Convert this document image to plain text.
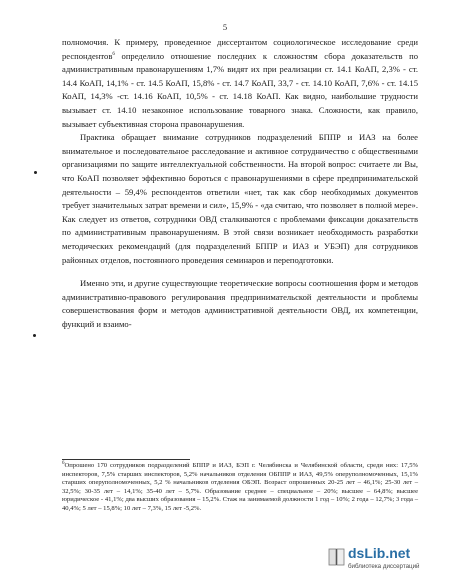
5

полномочия. К примеру, проведенное диссертантом социологическое исследование среди респондентов$^6$ определило отношение последних к сложностям сбора доказательств по административным правонарушениям 1,7% видят их при реализации ст. 14.1 КоАП, 2,3% - ст. 14.4 КоАП, 14,1% - ст. 14.5 КоАП, 15,8% - ст. 14.7 КоАП, 33,7 - ст. 14.10 КоАП, 7,6% - ст. 14.15 КоАП, 14,3% -ст. 14.16 КоАП, 10,5% - ст. 14.18 КоАП. Как видно, наибольшие трудности вызывает ст. 14.10 незаконное использование товарного знака. Сложности, как правило, вызывает субъективная сторона правонарушения.

Практика обращает внимание сотрудников подразделений БППР и ИАЗ на более внимательное и последовательное расследование и активное сотрудничество с общественными организациями по защите интеллектуальной собственности. На второй вопрос: считаете ли Вы, что КоАП позволяет эффективно бороться с правонарушениями в сфере предпринимательской деятельности – 59,4% респондентов ответили «нет, так как сбор необходимых документов требует значительных затрат времени и сил», 15,9% - «да считаю, что позволяет в полной мере». Как следует из ответов, сотрудники ОВД сталкиваются с проблемами фиксации доказательств по административным правонарушениям. В этой связи возникает необходимость разработки методических рекомендаций (для подразделений БППР и ИАЗ и УБЭП) для сотрудников районных отделов, постоянного проведения семинаров и переподготовки.

Именно эти, и другие существующие теоретические вопросы соотношения форм и методов административно-правового регулирования предпринимательской деятельности и проблемы совершенствования форм и методов административной деятельности ОВД, их компетенции, функций и взаимо-

$^6$Опрошено 170 сотрудников подразделений БППР и ИАЗ, БЭП г. Челябинска и Челябинской области, среди них: 17,5% инспекторов, 7,5% старших инспекторов, 5,2% начальников отделения ОБППР и ИАЗ, 49,5% оперуполномоченных, 15,1% старших оперуполномоченных, 5,2 % начальников отделения ОБЭП. Возраст опрошенных 20-25 лет – 46,1%; 25-30 лет – 32,5%; 30-35 лет – 14,1%; 35-40 лет – 5,7%. Образование среднее – специальное – 20%; высшее – 64,8%; высшее юридическое - 41,1%; два высших образования – 15,2%. Стаж на занимаемой должности 1 год – 10%; 2 года – 12,7%; 3 года – 40,4%; 5 лет – 15,8%; 10 лет – 7,3%, 15 лет -5,2%.

dsLib.net
библиотека диссертаций
